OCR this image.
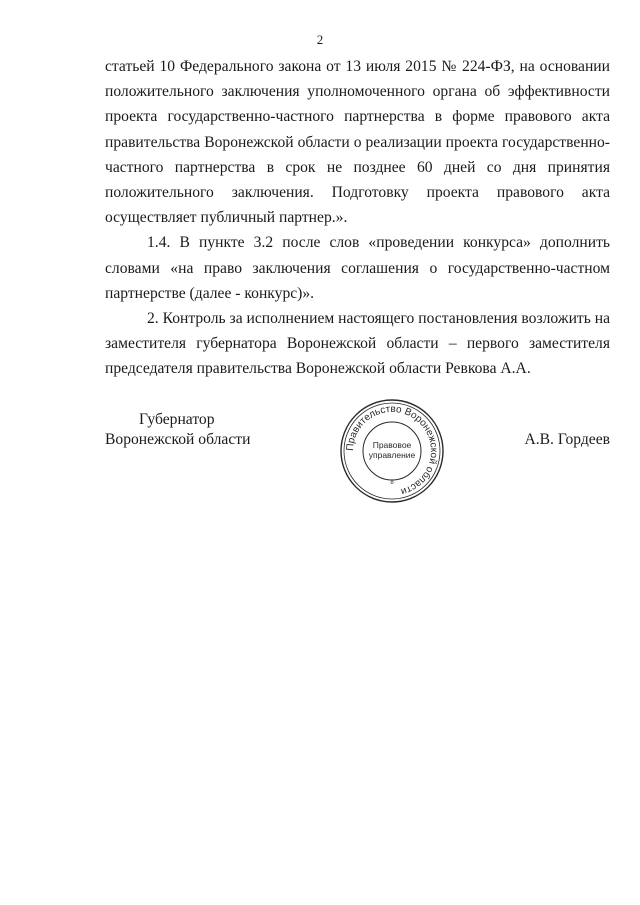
2

статьей 10 Федерального закона от 13 июля 2015 № 224-ФЗ, на основании
положительного заключения уполномоченного органа об эффективности
проекта государственно-частного партнерства в форме правового акта
правительства Воронежской области о реализации проекта государственно-
частного партнерства в срок не позднее 60 дней со дня принятия
положительного заключения. Подготовку проекта правового акта
осуществляет публичный партнер.».

1.4. В пункте 3.2 после слов «проведении конкурса» дополнить
словами «на право заключения соглашения о государственно-частном
партнерстве (далее - конкурс)».

2. Контроль за исполнением настоящего постановления возложить на
заместителя губернатора Воронежской области – первого заместителя
председателя правительства Воронежской области Ревкова А.А.

Губернатор
Воронежской области	Правительство Воронежской области
Правовое
управление
8
А.В. Гордеев
